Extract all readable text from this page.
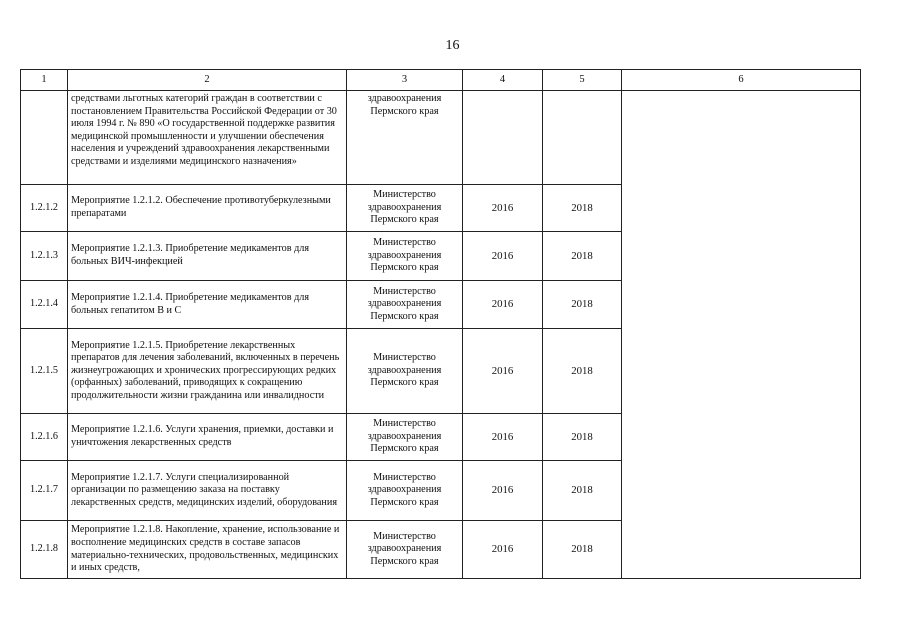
16
1	2	3	4	5	6
	средствами льготных категорий граждан в соответствии с постановлением Правительства Российской Федерации от 30 июля 1994 г. № 890 «О государственной поддержке развития медицинской промышленности и улучшении обеспечения населения и учреждений здравоохранения лекарственными средствами и изделиями медицинского назначения»	здравоохранения Пермского края			
1.2.1.2	Мероприятие 1.2.1.2. Обеспечение противотуберкулезными препаратами	Министерство здравоохранения Пермского края	2016	2018	
1.2.1.3	Мероприятие 1.2.1.3. Приобретение медикаментов для больных ВИЧ-инфекцией	Министерство здравоохранения Пермского края	2016	2018	
1.2.1.4	Мероприятие 1.2.1.4. Приобретение медикаментов для больных гепатитом В и С	Министерство здравоохранения Пермского края	2016	2018	
1.2.1.5	Мероприятие 1.2.1.5. Приобретение лекарственных препаратов для лечения заболеваний, включенных в перечень жизнеугрожающих и хронических прогрессирующих редких (орфанных) заболеваний, приводящих к сокращению продолжительности жизни гражданина или инвалидности	Министерство здравоохранения Пермского края	2016	2018	
1.2.1.6	Мероприятие 1.2.1.6. Услуги хранения, приемки, доставки и уничтожения лекарственных средств	Министерство здравоохранения Пермского края	2016	2018	
1.2.1.7	Мероприятие 1.2.1.7. Услуги специализированной организации по размещению заказа на поставку лекарственных средств, медицинских изделий, оборудования	Министерство здравоохранения Пермского края	2016	2018	
1.2.1.8	Мероприятие 1.2.1.8. Накопление, хранение, использование и восполнение медицинских средств в составе запасов материально-технических, продовольственных, медицинских и иных средств,	Министерство здравоохранения Пермского края	2016	2018	
